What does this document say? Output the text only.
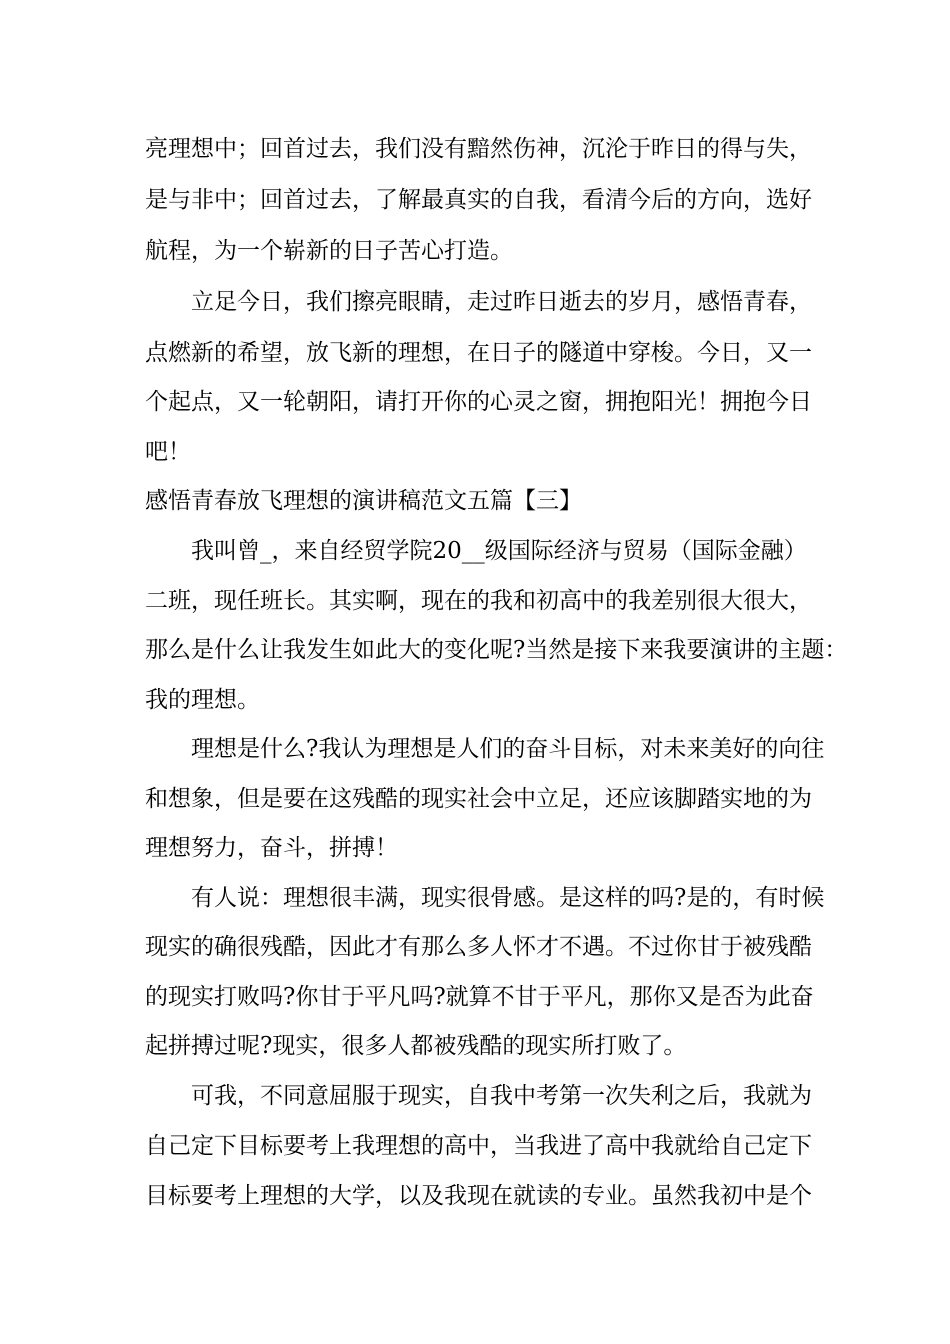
亮理想中；回首过去，我们没有黯然伤神，沉沦于昨日的得与失，
是与非中；回首过去，了解最真实的自我，看清今后的方向，选好
航程，为一个崭新的日子苦心打造。
立足今日，我们擦亮眼睛，走过昨日逝去的岁月，感悟青春，
点燃新的希望，放飞新的理想，在日子的隧道中穿梭。今日，又一
个起点，又一轮朝阳，请打开你的心灵之窗，拥抱阳光！拥抱今日
吧！
感悟青春放飞理想的演讲稿范文五篇【三】
我叫曾_，来自经贸学院20__级国际经济与贸易（国际金融）
二班，现任班长。其实啊，现在的我和初高中的我差别很大很大，
那么是什么让我发生如此大的变化呢?当然是接下来我要演讲的主题：
我的理想。
理想是什么?我认为理想是人们的奋斗目标，对未来美好的向往
和想象，但是要在这残酷的现实社会中立足，还应该脚踏实地的为
理想努力，奋斗，拼搏！
有人说：理想很丰满，现实很骨感。是这样的吗?是的，有时候
现实的确很残酷，因此才有那么多人怀才不遇。不过你甘于被残酷
的现实打败吗?你甘于平凡吗?就算不甘于平凡，那你又是否为此奋
起拼搏过呢?现实，很多人都被残酷的现实所打败了。
可我，不同意屈服于现实，自我中考第一次失利之后，我就为
自己定下目标要考上我理想的高中，当我进了高中我就给自己定下
目标要考上理想的大学，以及我现在就读的专业。虽然我初中是个
